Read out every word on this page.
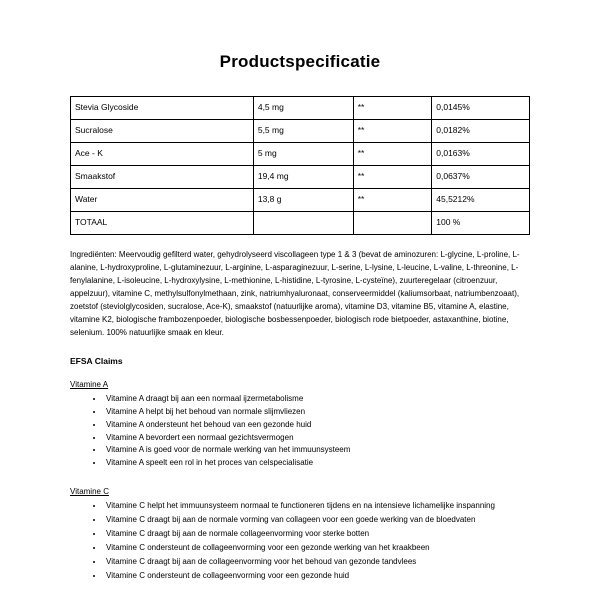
Productspecificatie
Stevia Glycoside	4,5 mg	**	0,0145%
Sucralose	5,5 mg	**	0,0182%
Ace - K	5 mg	**	0,0163%
Smaakstof	19,4 mg	**	0,0637%
Water	13,8 g	**	45,5212%
TOTAAL			100 %
Ingrediënten: Meervoudig gefilterd water, gehydrolyseerd viscollageen type 1 & 3 (bevat de aminozuren: L-glycine, L-proline, L-alanine, L-hydroxyproline, L-glutaminezuur, L-arginine, L-asparaginezuur, L-serine, L-lysine, L-leucine, L-valine, L-threonine, L-fenylalanine, L-isoleucine, L-hydroxylysine, L-methionine, L-histidine, L-tyrosine, L-cysteïne), zuurteregelaar (citroenzuur, appelzuur), vitamine C, methylsulfonylmethaan, zink, natriumhyaluronaat, conserveermiddel (kaliumsorbaat, natriumbenzoaat), zoetstof (steviolglycosiden, sucralose, Ace-K), smaakstof (natuurlijke aroma), vitamine D3, vitamine B5, vitamine A, elastine, vitamine K2, biologische frambozenpoeder, biologische bosbessenpoeder, biologisch rode bietpoeder, astaxanthine, biotine, selenium. 100% natuurlijke smaak en kleur.
EFSA Claims
Vitamine A
• Vitamine A draagt bij aan een normaal ijzermetabolisme
• Vitamine A helpt bij het behoud van normale slijmvliezen
• Vitamine A ondersteunt het behoud van een gezonde huid
• Vitamine A bevordert een normaal gezichtsvermogen
• Vitamine A is goed voor de normale werking van het immuunsysteem
• Vitamine A speelt een rol in het proces van celspecialisatie
Vitamine C
• Vitamine C helpt het immuunsysteem normaal te functioneren tijdens en na intensieve lichamelijke inspanning
• Vitamine C draagt bij aan de normale vorming van collageen voor een goede werking van de bloedvaten
• Vitamine C draagt bij aan de normale collageenvorming voor sterke botten
• Vitamine C ondersteunt de collageenvorming voor een gezonde werking van het kraakbeen
• Vitamine C draagt bij aan de collageenvorming voor het behoud van gezonde tandvlees
• Vitamine C ondersteunt de collageenvorming voor een gezonde huid
